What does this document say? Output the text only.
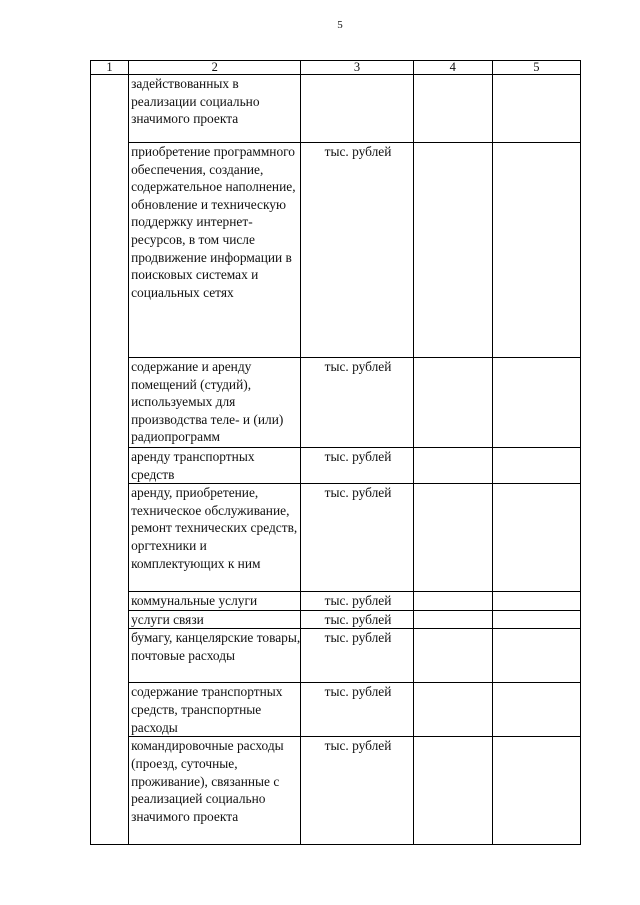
5
1	2	3	4	5
	задействованных в реализации социально значимого проекта			
	приобретение программного обеспечения, создание, содержательное наполнение, обновление и техническую поддержку интернет-ресурсов, в том числе продвижение информации в поисковых системах и социальных сетях	тыс. рублей		
	содержание и аренду помещений (студий), используемых для производства теле- и (или) радиопрограмм	тыс. рублей		
	аренду транспортных средств	тыс. рублей		
	аренду, приобретение, техническое обслуживание, ремонт технических средств, оргтехники и комплектующих к ним	тыс. рублей		
	коммунальные услуги	тыс. рублей		
	услуги связи	тыс. рублей		
	бумагу, канцелярские товары, почтовые расходы	тыс. рублей		
	содержание транспортных средств, транспортные расходы	тыс. рублей		
	командировочные расходы (проезд, суточные, проживание), связанные с реализацией социально значимого проекта	тыс. рублей		
